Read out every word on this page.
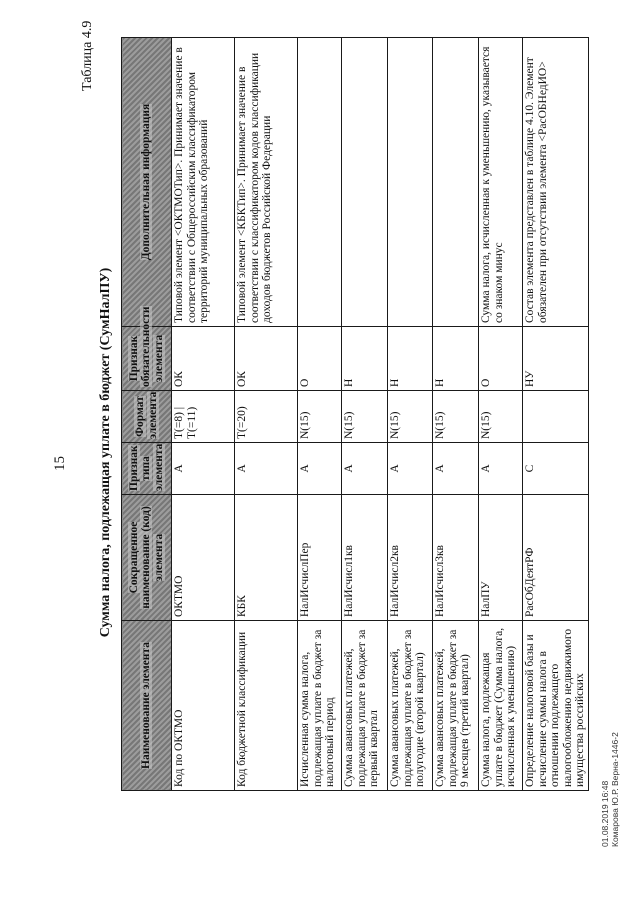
15
Таблица 4.9
Сумма налога, подлежащая уплате в бюджет (СумНалПУ)
Наименование элемента	Сокращенное наименование (код) элемента	Признак типа элемента	Формат элемента	Признак обязательности элемента	Дополнительная информация
Код по ОКТМО	ОКТМО	А	T(=8) | T(=11)	ОК	Типовой элемент <ОКТМОТип>. Принимает значение в соответствии с Общероссийским классификатором территорий муниципальных образований
Код бюджетной классификации	КБК	А	T(=20)	ОК	Типовой элемент <КБКТип>. Принимает значение в соответствии с классификатором кодов классификации доходов бюджетов Российской Федерации
Исчисленная сумма налога, подлежащая уплате в бюджет за налоговый период	НалИсчислПер	А	N(15)	О	
Сумма авансовых платежей, подлежащая уплате в бюджет за первый квартал	НалИсчисл1кв	А	N(15)	Н	
Сумма авансовых платежей, подлежащая уплате в бюджет за полугодие (второй квартал)	НалИсчисл2кв	А	N(15)	Н	
Сумма авансовых платежей, подлежащая уплате в бюджет за 9 месяцев (третий квартал)	НалИсчисл3кв	А	N(15)	Н	
Сумма налога, подлежащая уплате в бюджет (Сумма налога, исчисленная к уменьшению)	НалПУ	А	N(15)	О	Сумма налога, исчисленная к уменьшению, указывается со знаком минус
Определение налоговой базы и исчисление суммы налога в отношении подлежащего налогообложению недвижимого имущества российских	РасОбДеятРФ	С		НУ	Состав элемента представлен в таблице 4.10. Элемент обязателен при отсутствии элемента <РасОБНедИО>
01.08.2019 16:48 Комарова Ю.Р. Верна-1446-2
